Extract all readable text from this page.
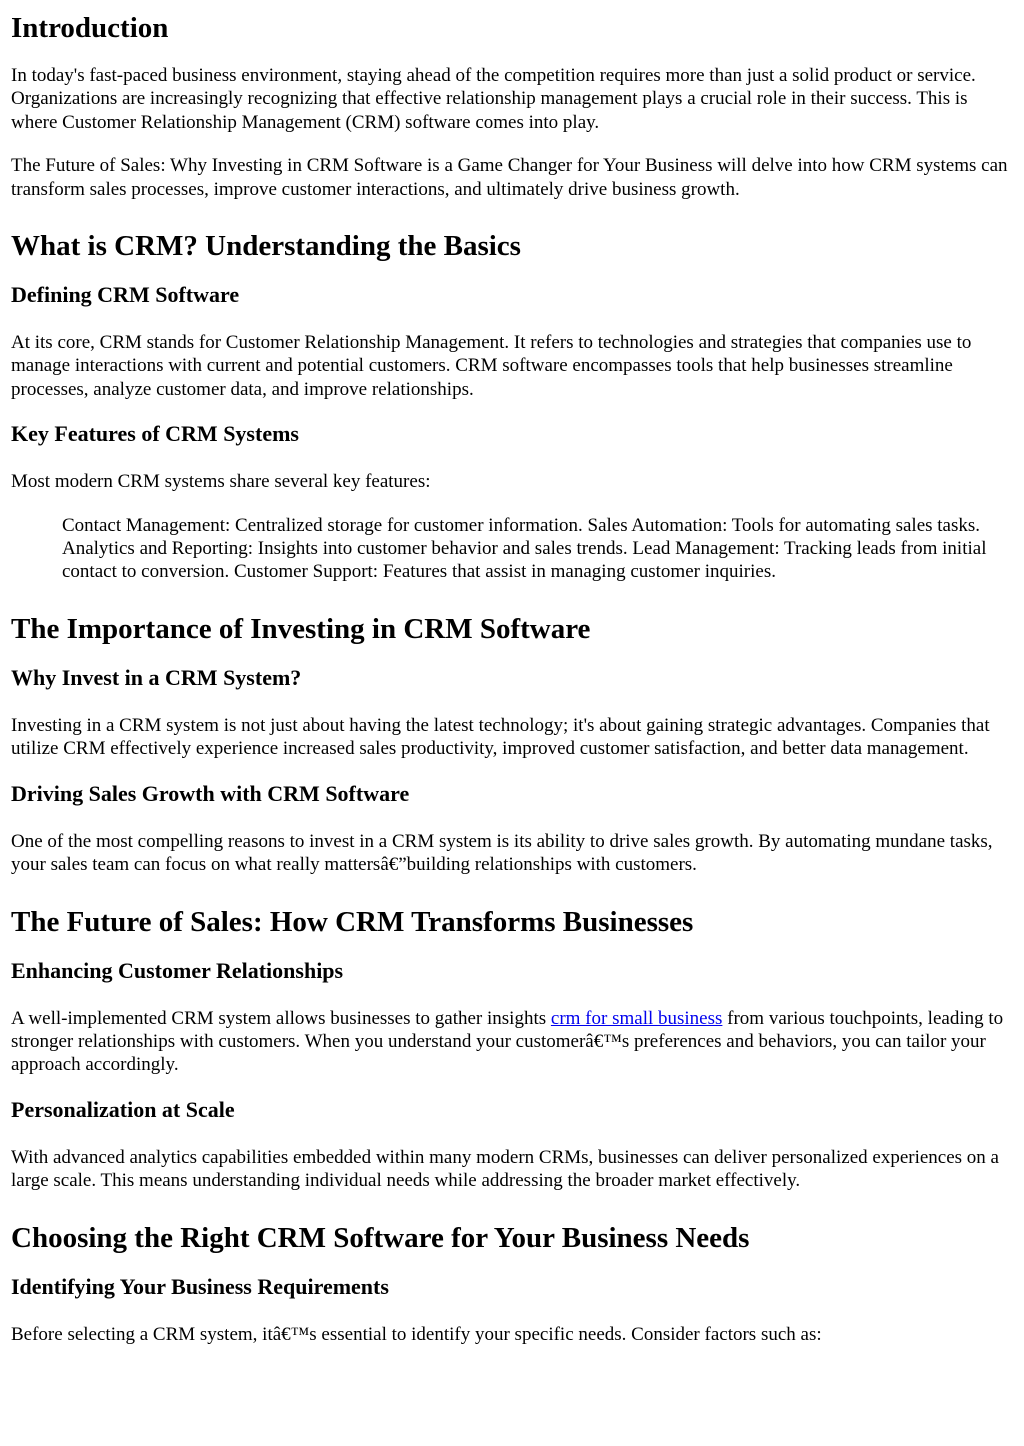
Introduction

In today's fast-paced business environment, staying ahead of the competition requires more than just a solid product or service. Organizations are increasingly recognizing that effective relationship management plays a crucial role in their success. This is where Customer Relationship Management (CRM) software comes into play.

The Future of Sales: Why Investing in CRM Software is a Game Changer for Your Business will delve into how CRM systems can transform sales processes, improve customer interactions, and ultimately drive business growth.

What is CRM? Understanding the Basics
Defining CRM Software

At its core, CRM stands for Customer Relationship Management. It refers to technologies and strategies that companies use to manage interactions with current and potential customers. CRM software encompasses tools that help businesses streamline processes, analyze customer data, and improve relationships.

Key Features of CRM Systems

Most modern CRM systems share several key features:

Contact Management: Centralized storage for customer information. Sales Automation: Tools for automating sales tasks. Analytics and Reporting: Insights into customer behavior and sales trends. Lead Management: Tracking leads from initial contact to conversion. Customer Support: Features that assist in managing customer inquiries.
The Importance of Investing in CRM Software
Why Invest in a CRM System?

Investing in a CRM system is not just about having the latest technology; it's about gaining strategic advantages. Companies that utilize CRM effectively experience increased sales productivity, improved customer satisfaction, and better data management.

Driving Sales Growth with CRM Software

One of the most compelling reasons to invest in a CRM system is its ability to drive sales growth. By automating mundane tasks, your sales team can focus on what really mattersâ€”building relationships with customers.

The Future of Sales: How CRM Transforms Businesses
Enhancing Customer Relationships

A well-implemented CRM system allows businesses to gather insights crm for small business from various touchpoints, leading to stronger relationships with customers. When you understand your customerâ€™s preferences and behaviors, you can tailor your approach accordingly.

Personalization at Scale

With advanced analytics capabilities embedded within many modern CRMs, businesses can deliver personalized experiences on a large scale. This means understanding individual needs while addressing the broader market effectively.

Choosing the Right CRM Software for Your Business Needs
Identifying Your Business Requirements

Before selecting a CRM system, itâ€™s essential to identify your specific needs. Consider factors such as:
